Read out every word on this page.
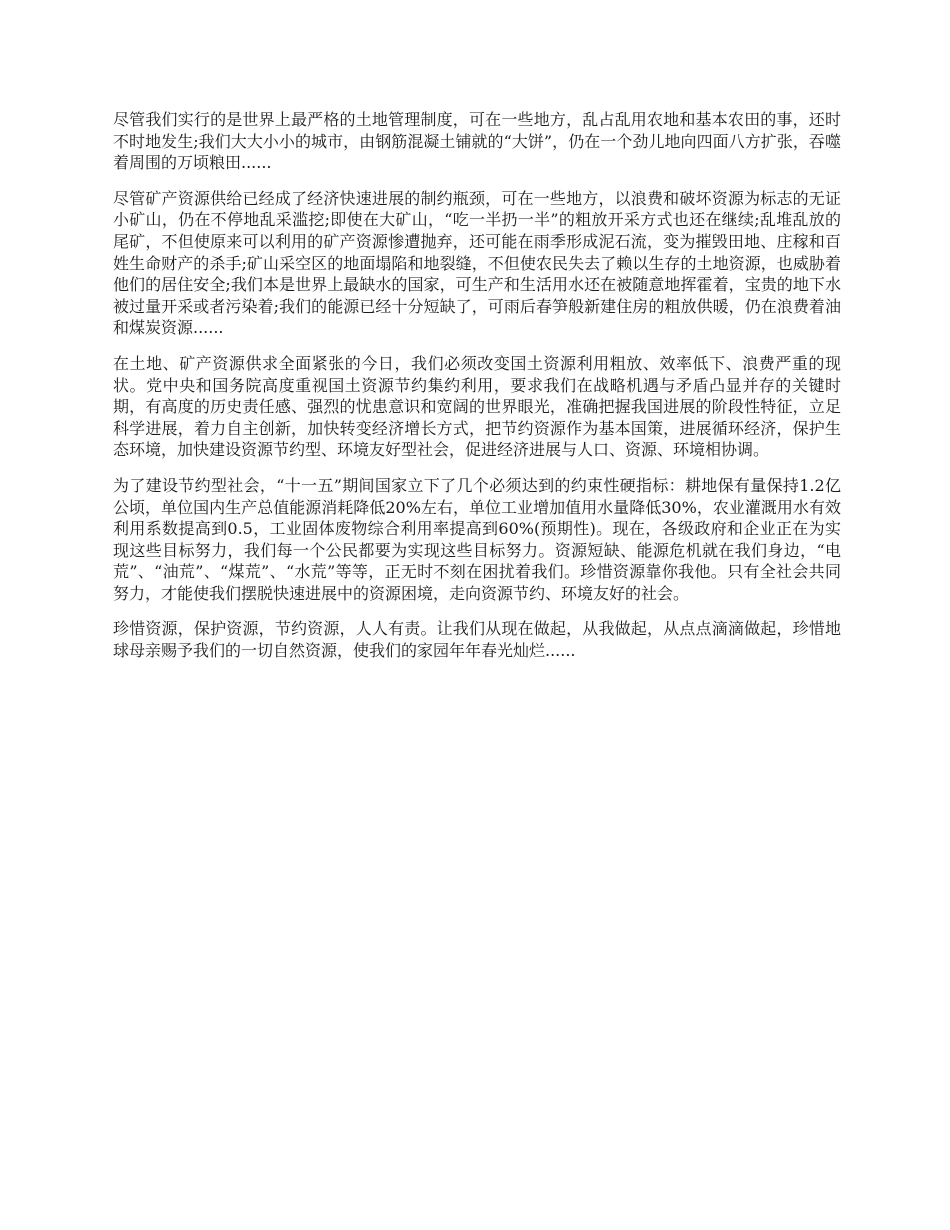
尽管我们实行的是世界上最严格的土地管理制度，可在一些地方，乱占乱用农地和基本农田的事，还时不时地发生;我们大大小小的城市，由钢筋混凝土铺就的“大饼”，仍在一个劲儿地向四面八方扩张，吞噬着周围的万顷粮田......

尽管矿产资源供给已经成了经济快速进展的制约瓶颈，可在一些地方，以浪费和破坏资源为标志的无证小矿山，仍在不停地乱采滥挖;即使在大矿山，“吃一半扔一半”的粗放开采方式也还在继续;乱堆乱放的尾矿，不但使原来可以利用的矿产资源惨遭抛弃，还可能在雨季形成泥石流，变为摧毁田地、庄稼和百姓生命财产的杀手;矿山采空区的地面塌陷和地裂缝，不但使农民失去了赖以生存的土地资源，也威胁着他们的居住安全;我们本是世界上最缺水的国家，可生产和生活用水还在被随意地挥霍着，宝贵的地下水被过量开采或者污染着;我们的能源已经十分短缺了，可雨后春笋般新建住房的粗放供暖，仍在浪费着油和煤炭资源......

在土地、矿产资源供求全面紧张的今日，我们必须改变国土资源利用粗放、效率低下、浪费严重的现状。党中央和国务院高度重视国土资源节约集约利用，要求我们在战略机遇与矛盾凸显并存的关键时期，有高度的历史责任感、强烈的忧患意识和宽阔的世界眼光，准确把握我国进展的阶段性特征，立足科学进展，着力自主创新，加快转变经济增长方式，把节约资源作为基本国策，进展循环经济，保护生态环境，加快建设资源节约型、环境友好型社会，促进经济进展与人口、资源、环境相协调。

为了建设节约型社会，“十一五”期间国家立下了几个必须达到的约束性硬指标：耕地保有量保持1.2亿公顷，单位国内生产总值能源消耗降低20%左右，单位工业增加值用水量降低30%，农业灌溉用水有效利用系数提高到0.5，工业固体废物综合利用率提高到60%(预期性)。现在，各级政府和企业正在为实现这些目标努力，我们每一个公民都要为实现这些目标努力。资源短缺、能源危机就在我们身边，“电荒”、“油荒”、“煤荒”、“水荒”等等，正无时不刻在困扰着我们。珍惜资源靠你我他。只有全社会共同努力，才能使我们摆脱快速进展中的资源困境，走向资源节约、环境友好的社会。

珍惜资源，保护资源，节约资源，人人有责。让我们从现在做起，从我做起，从点点滴滴做起，珍惜地球母亲赐予我们的一切自然资源，使我们的家园年年春光灿烂......
